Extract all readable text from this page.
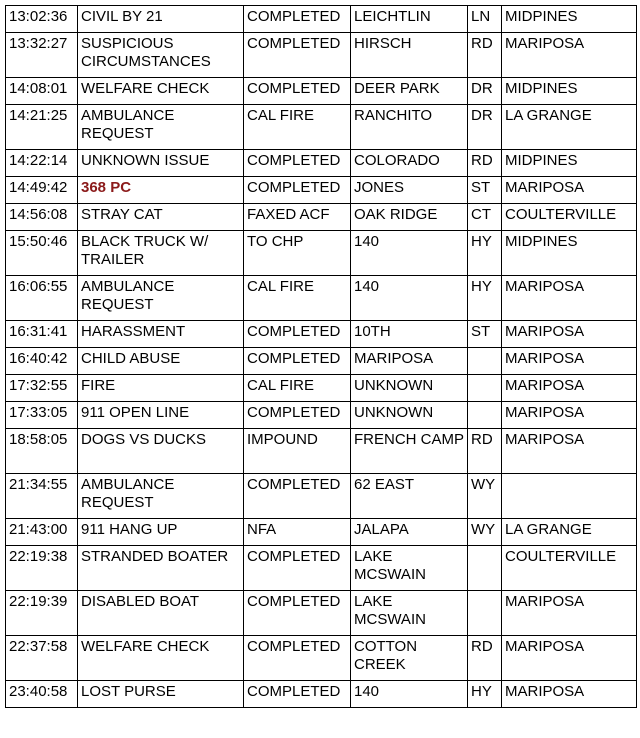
13:02:36	CIVIL BY 21	COMPLETED	LEICHTLIN	LN	MIDPINES
13:32:27	SUSPICIOUS CIRCUMSTANCES	COMPLETED	HIRSCH	RD	MARIPOSA
14:08:01	WELFARE CHECK	COMPLETED	DEER PARK	DR	MIDPINES
14:21:25	AMBULANCE REQUEST	CAL FIRE	RANCHITO	DR	LA GRANGE
14:22:14	UNKNOWN ISSUE	COMPLETED	COLORADO	RD	MIDPINES
14:49:42	368 PC	COMPLETED	JONES	ST	MARIPOSA
14:56:08	STRAY CAT	FAXED ACF	OAK RIDGE	CT	COULTERVILLE
15:50:46	BLACK TRUCK W/ TRAILER	TO CHP	140	HY	MIDPINES
16:06:55	AMBULANCE REQUEST	CAL FIRE	140	HY	MARIPOSA
16:31:41	HARASSMENT	COMPLETED	10TH	ST	MARIPOSA
16:40:42	CHILD ABUSE	COMPLETED	MARIPOSA		MARIPOSA
17:32:55	FIRE	CAL FIRE	UNKNOWN		MARIPOSA
17:33:05	911 OPEN LINE	COMPLETED	UNKNOWN		MARIPOSA
18:58:05	DOGS VS DUCKS	IMPOUND	FRENCH CAMP	RD	MARIPOSA
21:34:55	AMBULANCE REQUEST	COMPLETED	62 EAST	WY	
21:43:00	911 HANG UP	NFA	JALAPA	WY	LA GRANGE
22:19:38	STRANDED BOATER	COMPLETED	LAKE MCSWAIN		COULTERVILLE
22:19:39	DISABLED BOAT	COMPLETED	LAKE MCSWAIN		MARIPOSA
22:37:58	WELFARE CHECK	COMPLETED	COTTON CREEK	RD	MARIPOSA
23:40:58	LOST PURSE	COMPLETED	140	HY	MARIPOSA
